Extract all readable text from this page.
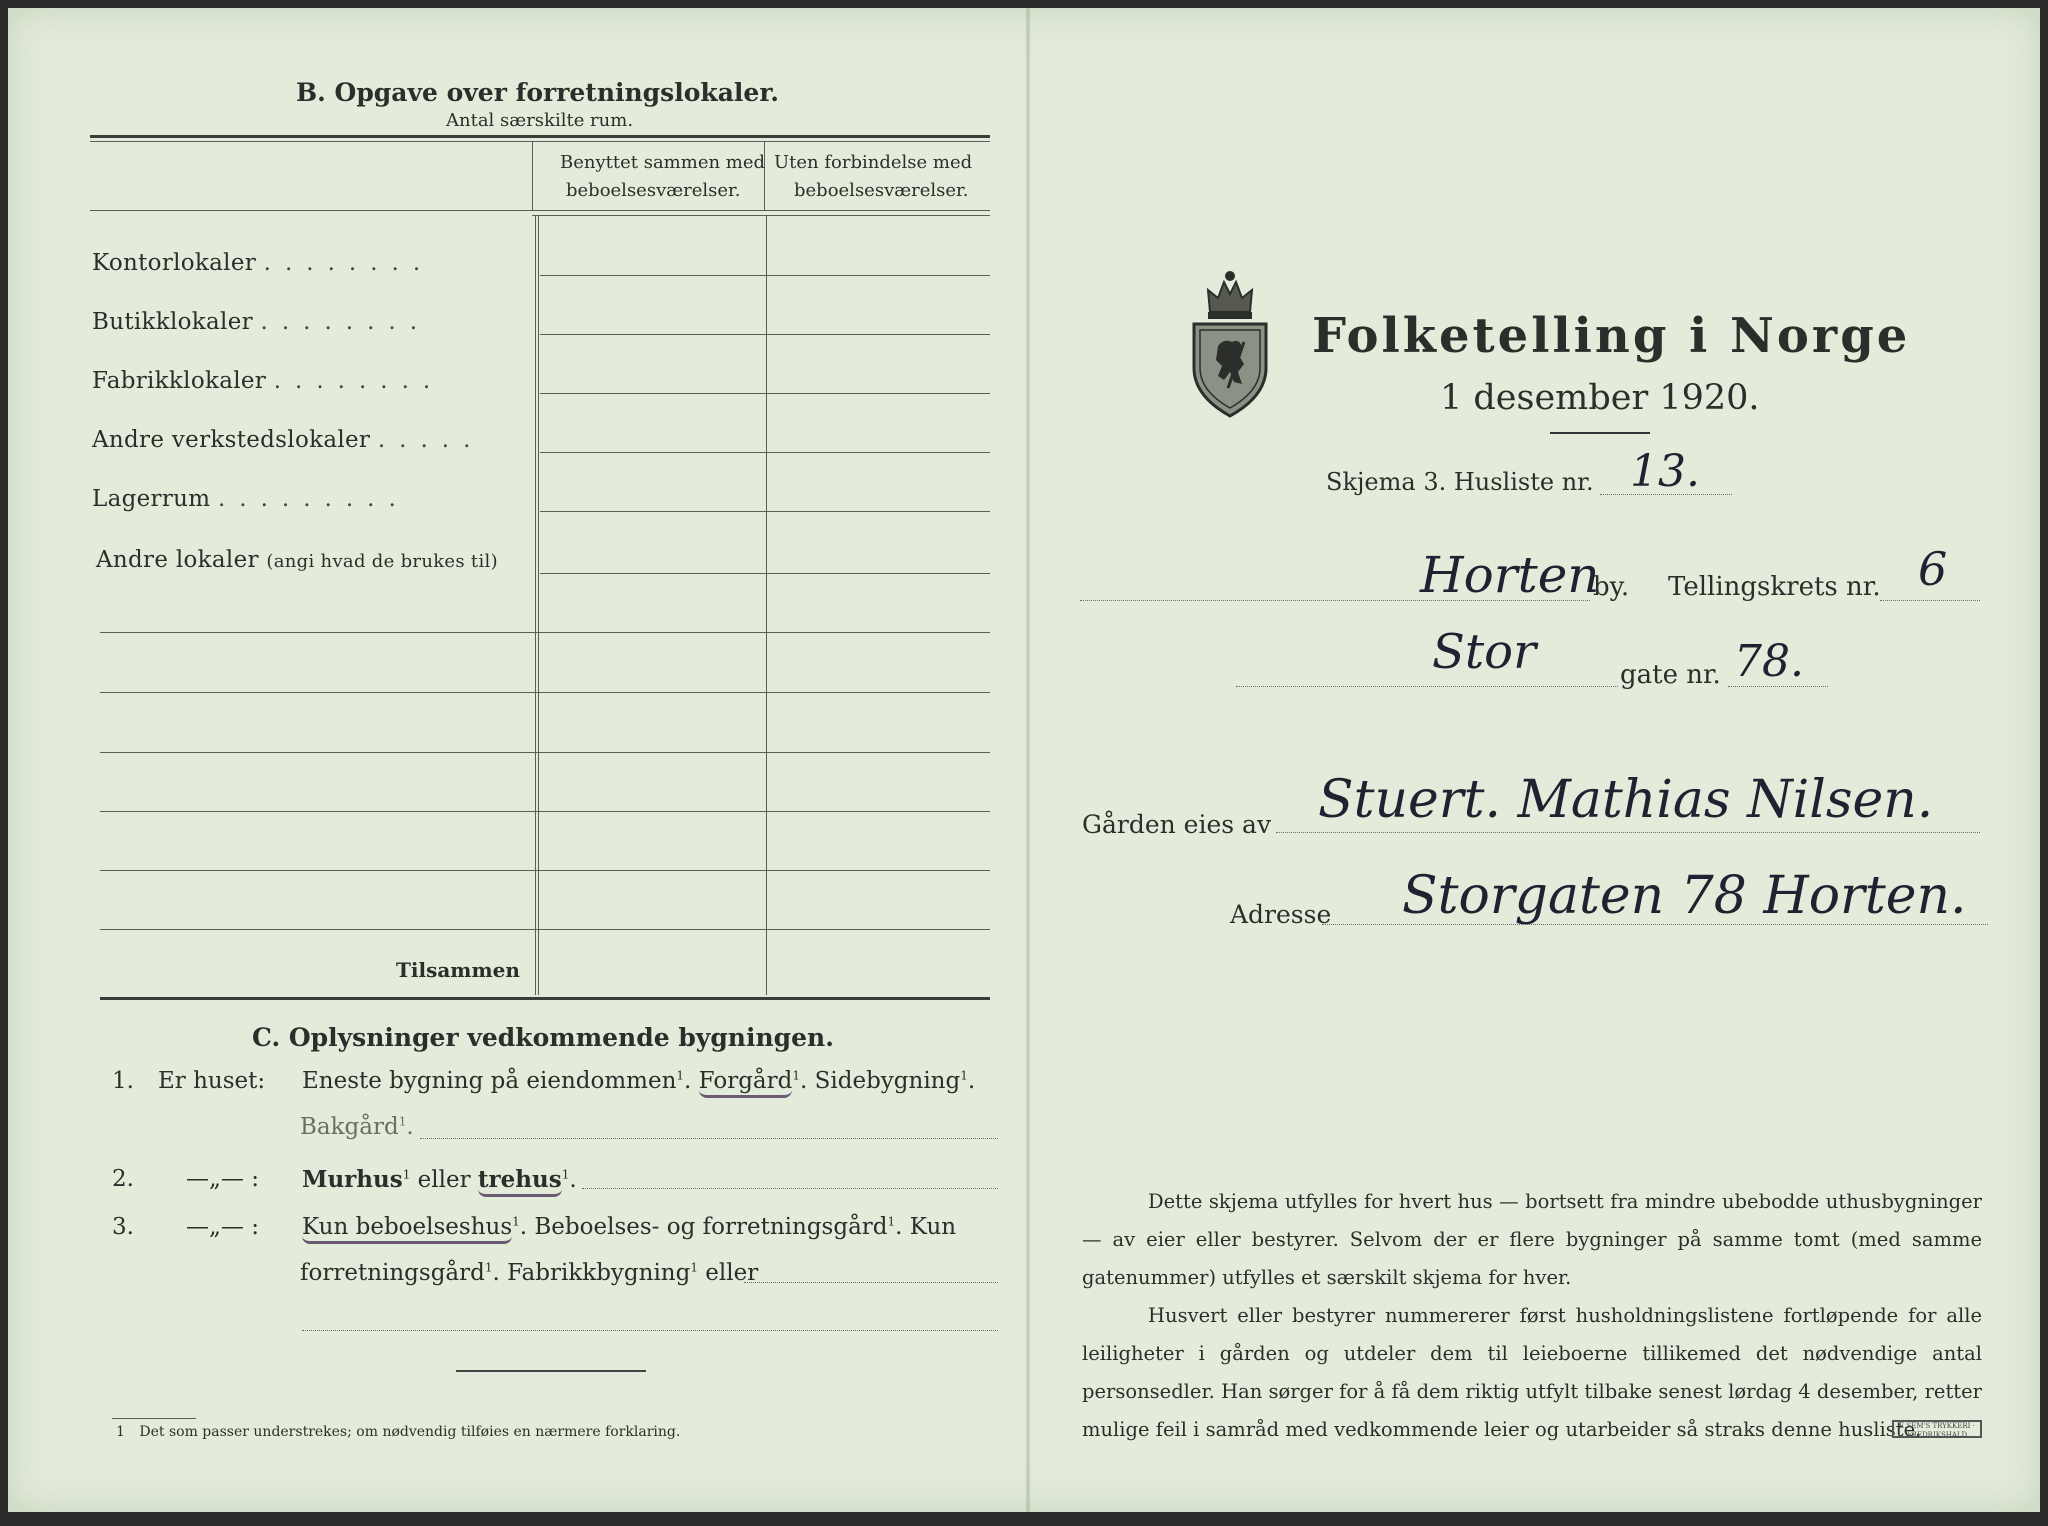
B. Opgave over forretningslokaler.
Antal særskilte rum.
Benyttet sammen med
beboelsesværelser.
Uten forbindelse med
beboelsesværelser.
Kontorlokaler ........
Butikklokaler ........
Fabrikklokaler ........
Andre verkstedslokaler .....
Lagerrum .........
Andre lokaler (angi hvad de brukes til)
Tilsammen
C. Oplysninger vedkommende bygningen.
1. Er huset: Eneste bygning på eiendommen$^1$. Forgård$^1$. Sidebygning$^1$.
Bakgård$^1$.
2. —„— : Murhus$^1$ eller trehus$^1$.
3. —„— : Kun beboelseshus$^1$. Beboelses- og forretningsgård$^1$. Kun
forretningsgård$^1$. Fabrikkbygning$^1$ eller
1 Det som passer understrekes; om nødvendig tilføies en nærmere forklaring.
Folketelling i Norge
1 desember 1920.
Skjema 3. Husliste nr. 13.
Horten
by. Tellingskrets nr. 6
Stor	gate nr. 78.
Gården eies av Stuert. Mathias Nilsen.
Adresse Storgaten 78 Horten.
Dette skjema utfylles for hvert hus — bortsett fra mindre ubebodde uthusbygninger — av eier eller bestyrer. Selvom der er flere bygninger på samme tomt (med samme gatenummer) utfylles et særskilt skjema for hver.
Husvert eller bestyrer nummererer først husholdningslistene fortløpende for alle leiligheter i gården og utdeler dem til leieboerne tillikemed det nødvendige antal personsedler. Han sørger for å få dem riktig utfylt tilbake senest lørdag 4 desember, retter mulige feil i samråd med vedkommende leier og utarbeider så straks denne husliste.
E.SEM'S TRYKKERI · FREDRIKSHALD
